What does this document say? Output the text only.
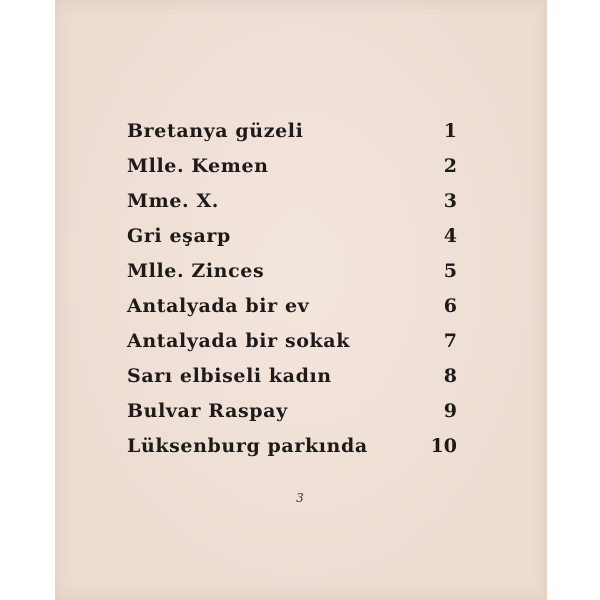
Bretanya güzeli	1
Mlle. Kemen	2
Mme. X.	3
Gri eşarp	4
Mlle. Zinces	5
Antalyada bir ev	6
Antalyada bir sokak	7
Sarı elbiseli kadın	8
Bulvar Raspay	9
Lüksenburg parkında	10
3
